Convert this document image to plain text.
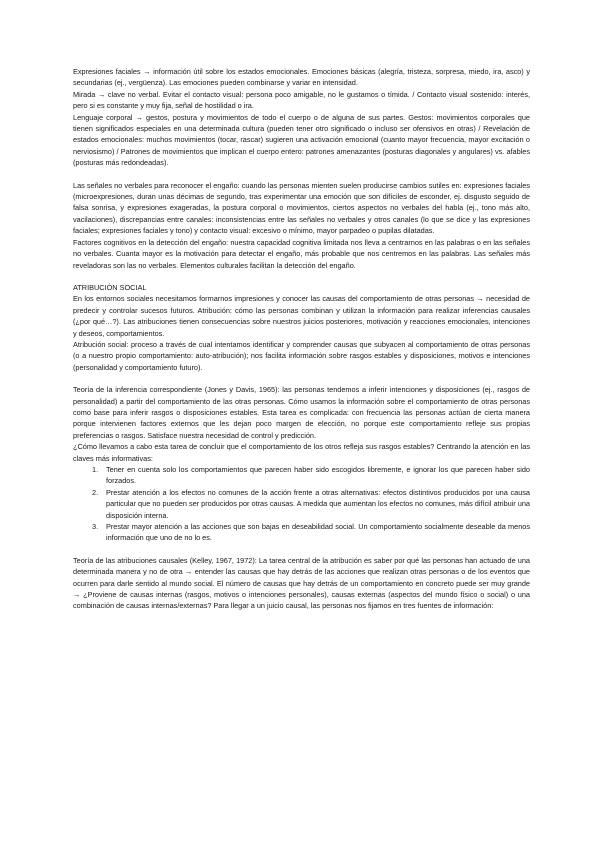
Expresiones faciales → información útil sobre los estados emocionales. Emociones básicas (alegría, tristeza, sorpresa, miedo, ira, asco) y secundarias (ej., vergüenza). Las emociones pueden combinarse y variar en intensidad.

Mirada → clave no verbal. Evitar el contacto visual: persona poco amigable, no le gustamos o tímida. / Contacto visual sostenido: interés, pero si es constante y muy fija, señal de hostilidad o ira.

Lenguaje corporal → gestos, postura y movimientos de todo el cuerpo o de alguna de sus partes. Gestos: movimientos corporales que tienen significados especiales en una determinada cultura (pueden tener otro significado o incluso ser ofensivos en otras) / Revelación de estados emocionales: muchos movimientos (tocar, rascar) sugieren una activación emocional (cuanto mayor frecuencia, mayor excitación o nerviosismo) / Patrones de movimientos que implican el cuerpo entero: patrones amenazantes (posturas diagonales y angulares) vs. afables (posturas más redondeadas).

Las señales no verbales para reconocer el engaño: cuando las personas mienten suelen producirse cambios sutiles en: expresiones faciales (microexpresiones, duran unas décimas de segundo, tras experimentar una emoción que son difíciles de esconder, ej. disgusto seguido de falsa sonrisa, y expresiones exageradas, la postura corporal o movimientos, ciertos aspectos no verbales del habla (ej., tono más alto, vacilaciones), discrepancias entre canales: inconsistencias entre las señales no verbales y otros canales (lo que se dice y las expresiones faciales; expresiones faciales y tono) y contacto visual: excesivo o mínimo, mayor parpadeo o pupilas dilatadas.

Factores cognitivos en la detección del engaño: nuestra capacidad cognitiva limitada nos lleva a centrarnos en las palabras o en las señales no verbales. Cuanta mayor es la motivación para detectar el engaño, más probable que nos centremos en las palabras. Las señales más reveladoras son las no verbales. Elementos culturales facilitan la detección del engaño.

ATRIBUCIÓN SOCIAL

En los entornos sociales necesitamos formarnos impresiones y conocer las causas del comportamiento de otras personas → necesidad de predecir y controlar sucesos futuros. Atribución: cómo las personas combinan y utilizan la información para realizar inferencias causales (¿por qué…?). Las atribuciones tienen consecuencias sobre nuestros juicios posteriores, motivación y reacciones emocionales, intenciones y deseos, comportamientos.

Atribución social: proceso a través de cual intentamos identificar y comprender causas que subyacen al comportamiento de otras personas (o a nuestro propio comportamiento: auto-atribución); nos facilita información sobre rasgos estables y disposiciones, motivos e intenciones (personalidad y comportamiento futuro).

Teoría de la inferencia correspondiente (Jones y Davis, 1965): las personas tendemos a inferir intenciones y disposiciones (ej., rasgos de personalidad) a partir del comportamiento de las otras personas. Cómo usamos la información sobre el comportamiento de otras personas como base para inferir rasgos o disposiciones estables. Esta tarea es complicada: con frecuencia las personas actúan de cierta manera porque intervienen factores externos que les dejan poco margen de elección, no porque este comportamiento refleje sus propias preferencias o rasgos. Satisface nuestra necesidad de control y predicción.

¿Cómo llevamos a cabo esta tarea de concluir que el comportamiento de los otros refleja sus rasgos estables? Centrando la atención en las claves más informativas:

1. Tener en cuenta solo los comportamientos que parecen haber sido escogidos libremente, e ignorar los que parecen haber sido forzados.
2. Prestar atención a los efectos no comunes de la acción frente a otras alternativas: efectos distintivos producidos por una causa particular que no pueden ser producidos por otras causas. A medida que aumentan los efectos no comunes, más difícil atribuir una disposición interna.
3. Prestar mayor atención a las acciones que son bajas en deseabilidad social. Un comportamiento socialmente deseable da menos información que uno de no lo es.

Teoría de las atribuciones causales (Kelley, 1967, 1972): La tarea central de la atribución es saber por qué las personas han actuado de una determinada manera y no de otra → entender las causas que hay detrás de las acciones que realizan otras personas o de los eventos que ocurren para darle sentido al mundo social. El número de causas que hay detrás de un comportamiento en concreto puede ser muy grande → ¿Proviene de causas internas (rasgos, motivos o intenciones personales), causas externas (aspectos del mundo físico o social) o una combinación de causas internas/externas? Para llegar a un juicio causal, las personas nos fijamos en tres fuentes de información:
